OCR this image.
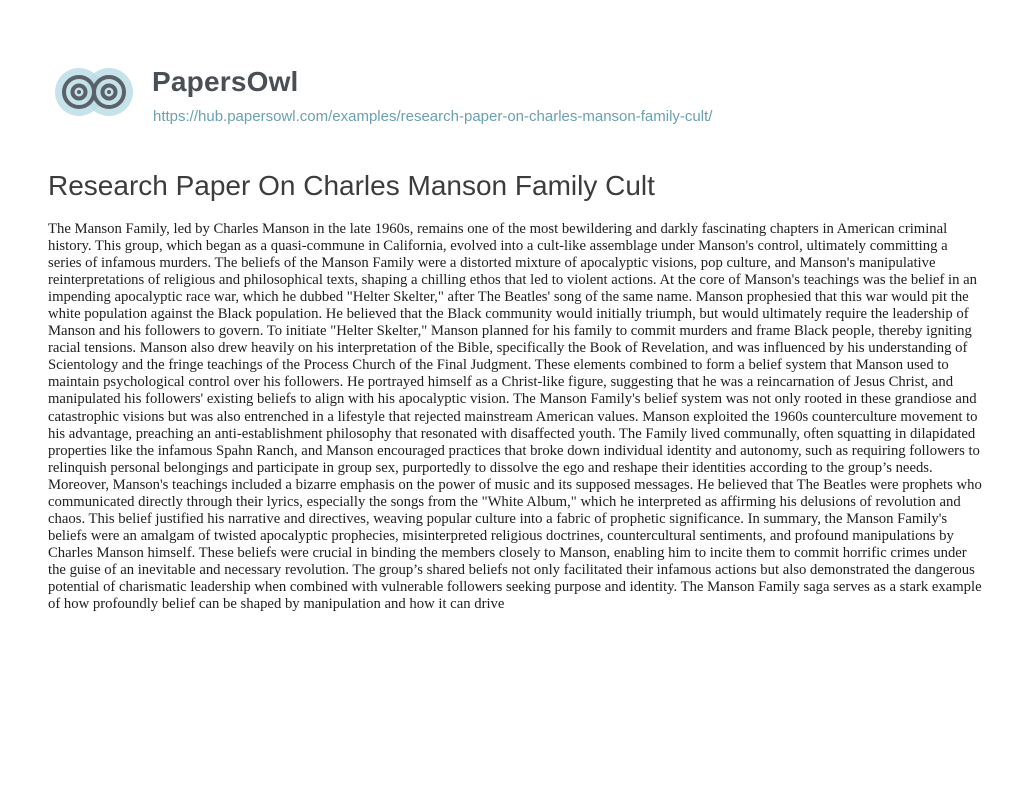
PapersOwl
https://hub.papersowl.com/examples/research-paper-on-charles-manson-family-cult/
Research Paper On Charles Manson Family Cult

The Manson Family, led by Charles Manson in the late 1960s, remains one of the most bewildering and darkly fascinating chapters in American criminal history. This group, which began as a quasi-commune in California, evolved into a cult-like assemblage under Manson's control, ultimately committing a series of infamous murders. The beliefs of the Manson Family were a distorted mixture of apocalyptic visions, pop culture, and Manson's manipulative reinterpretations of religious and philosophical texts, shaping a chilling ethos that led to violent actions. At the core of Manson's teachings was the belief in an impending apocalyptic race war, which he dubbed "Helter Skelter," after The Beatles' song of the same name. Manson prophesied that this war would pit the white population against the Black population. He believed that the Black community would initially triumph, but would ultimately require the leadership of Manson and his followers to govern. To initiate "Helter Skelter," Manson planned for his family to commit murders and frame Black people, thereby igniting racial tensions. Manson also drew heavily on his interpretation of the Bible, specifically the Book of Revelation, and was influenced by his understanding of Scientology and the fringe teachings of the Process Church of the Final Judgment. These elements combined to form a belief system that Manson used to maintain psychological control over his followers. He portrayed himself as a Christ-like figure, suggesting that he was a reincarnation of Jesus Christ, and manipulated his followers' existing beliefs to align with his apocalyptic vision. The Manson Family's belief system was not only rooted in these grandiose and catastrophic visions but was also entrenched in a lifestyle that rejected mainstream American values. Manson exploited the 1960s counterculture movement to his advantage, preaching an anti-establishment philosophy that resonated with disaffected youth. The Family lived communally, often squatting in dilapidated properties like the infamous Spahn Ranch, and Manson encouraged practices that broke down individual identity and autonomy, such as requiring followers to relinquish personal belongings and participate in group sex, purportedly to dissolve the ego and reshape their identities according to the group’s needs. Moreover, Manson's teachings included a bizarre emphasis on the power of music and its supposed messages. He believed that The Beatles were prophets who communicated directly through their lyrics, especially the songs from the "White Album," which he interpreted as affirming his delusions of revolution and chaos. This belief justified his narrative and directives, weaving popular culture into a fabric of prophetic significance. In summary, the Manson Family's beliefs were an amalgam of twisted apocalyptic prophecies, misinterpreted religious doctrines, countercultural sentiments, and profound manipulations by Charles Manson himself. These beliefs were crucial in binding the members closely to Manson, enabling him to incite them to commit horrific crimes under the guise of an inevitable and necessary revolution. The group’s shared beliefs not only facilitated their infamous actions but also demonstrated the dangerous potential of charismatic leadership when combined with vulnerable followers seeking purpose and identity. The Manson Family saga serves as a stark example of how profoundly belief can be shaped by manipulation and how it can drive
